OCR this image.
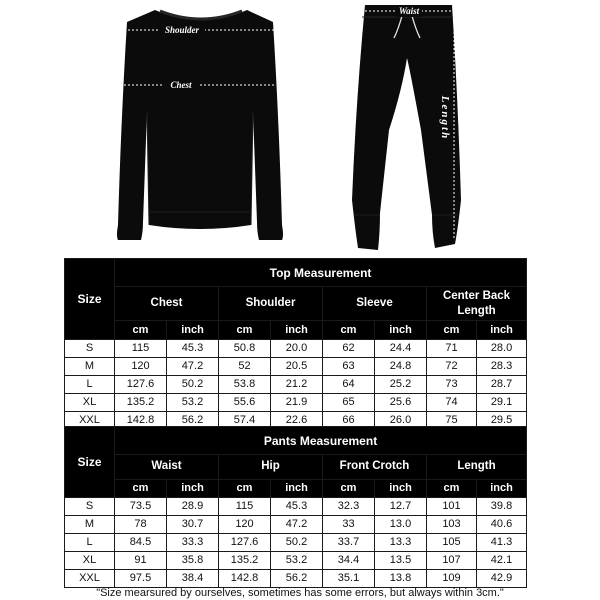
Shoulder
Chest
Sleeve
Waist
Length
Size	Top Measurement							
	Chest		Shoulder		Sleeve		Center Back Length	
	cm	inch	cm	inch	cm	inch	cm	inch
S	115	45.3	50.8	20.0	62	24.4	71	28.0
M	120	47.2	52	20.5	63	24.8	72	28.3
L	127.6	50.2	53.8	21.2	64	25.2	73	28.7
XL	135.2	53.2	55.6	21.9	65	25.6	74	29.1
XXL	142.8	56.2	57.4	22.6	66	26.0	75	29.5
Size	Pants Measurement							
	Waist		Hip		Front Crotch		Length	
	cm	inch	cm	inch	cm	inch	cm	inch
S	73.5	28.9	115	45.3	32.3	12.7	101	39.8
M	78	30.7	120	47.2	33	13.0	103	40.6
L	84.5	33.3	127.6	50.2	33.7	13.3	105	41.3
XL	91	35.8	135.2	53.2	34.4	13.5	107	42.1
XXL	97.5	38.4	142.8	56.2	35.1	13.8	109	42.9
"Size mearsured by ourselves, sometimes has some errors, but always within 3cm."
